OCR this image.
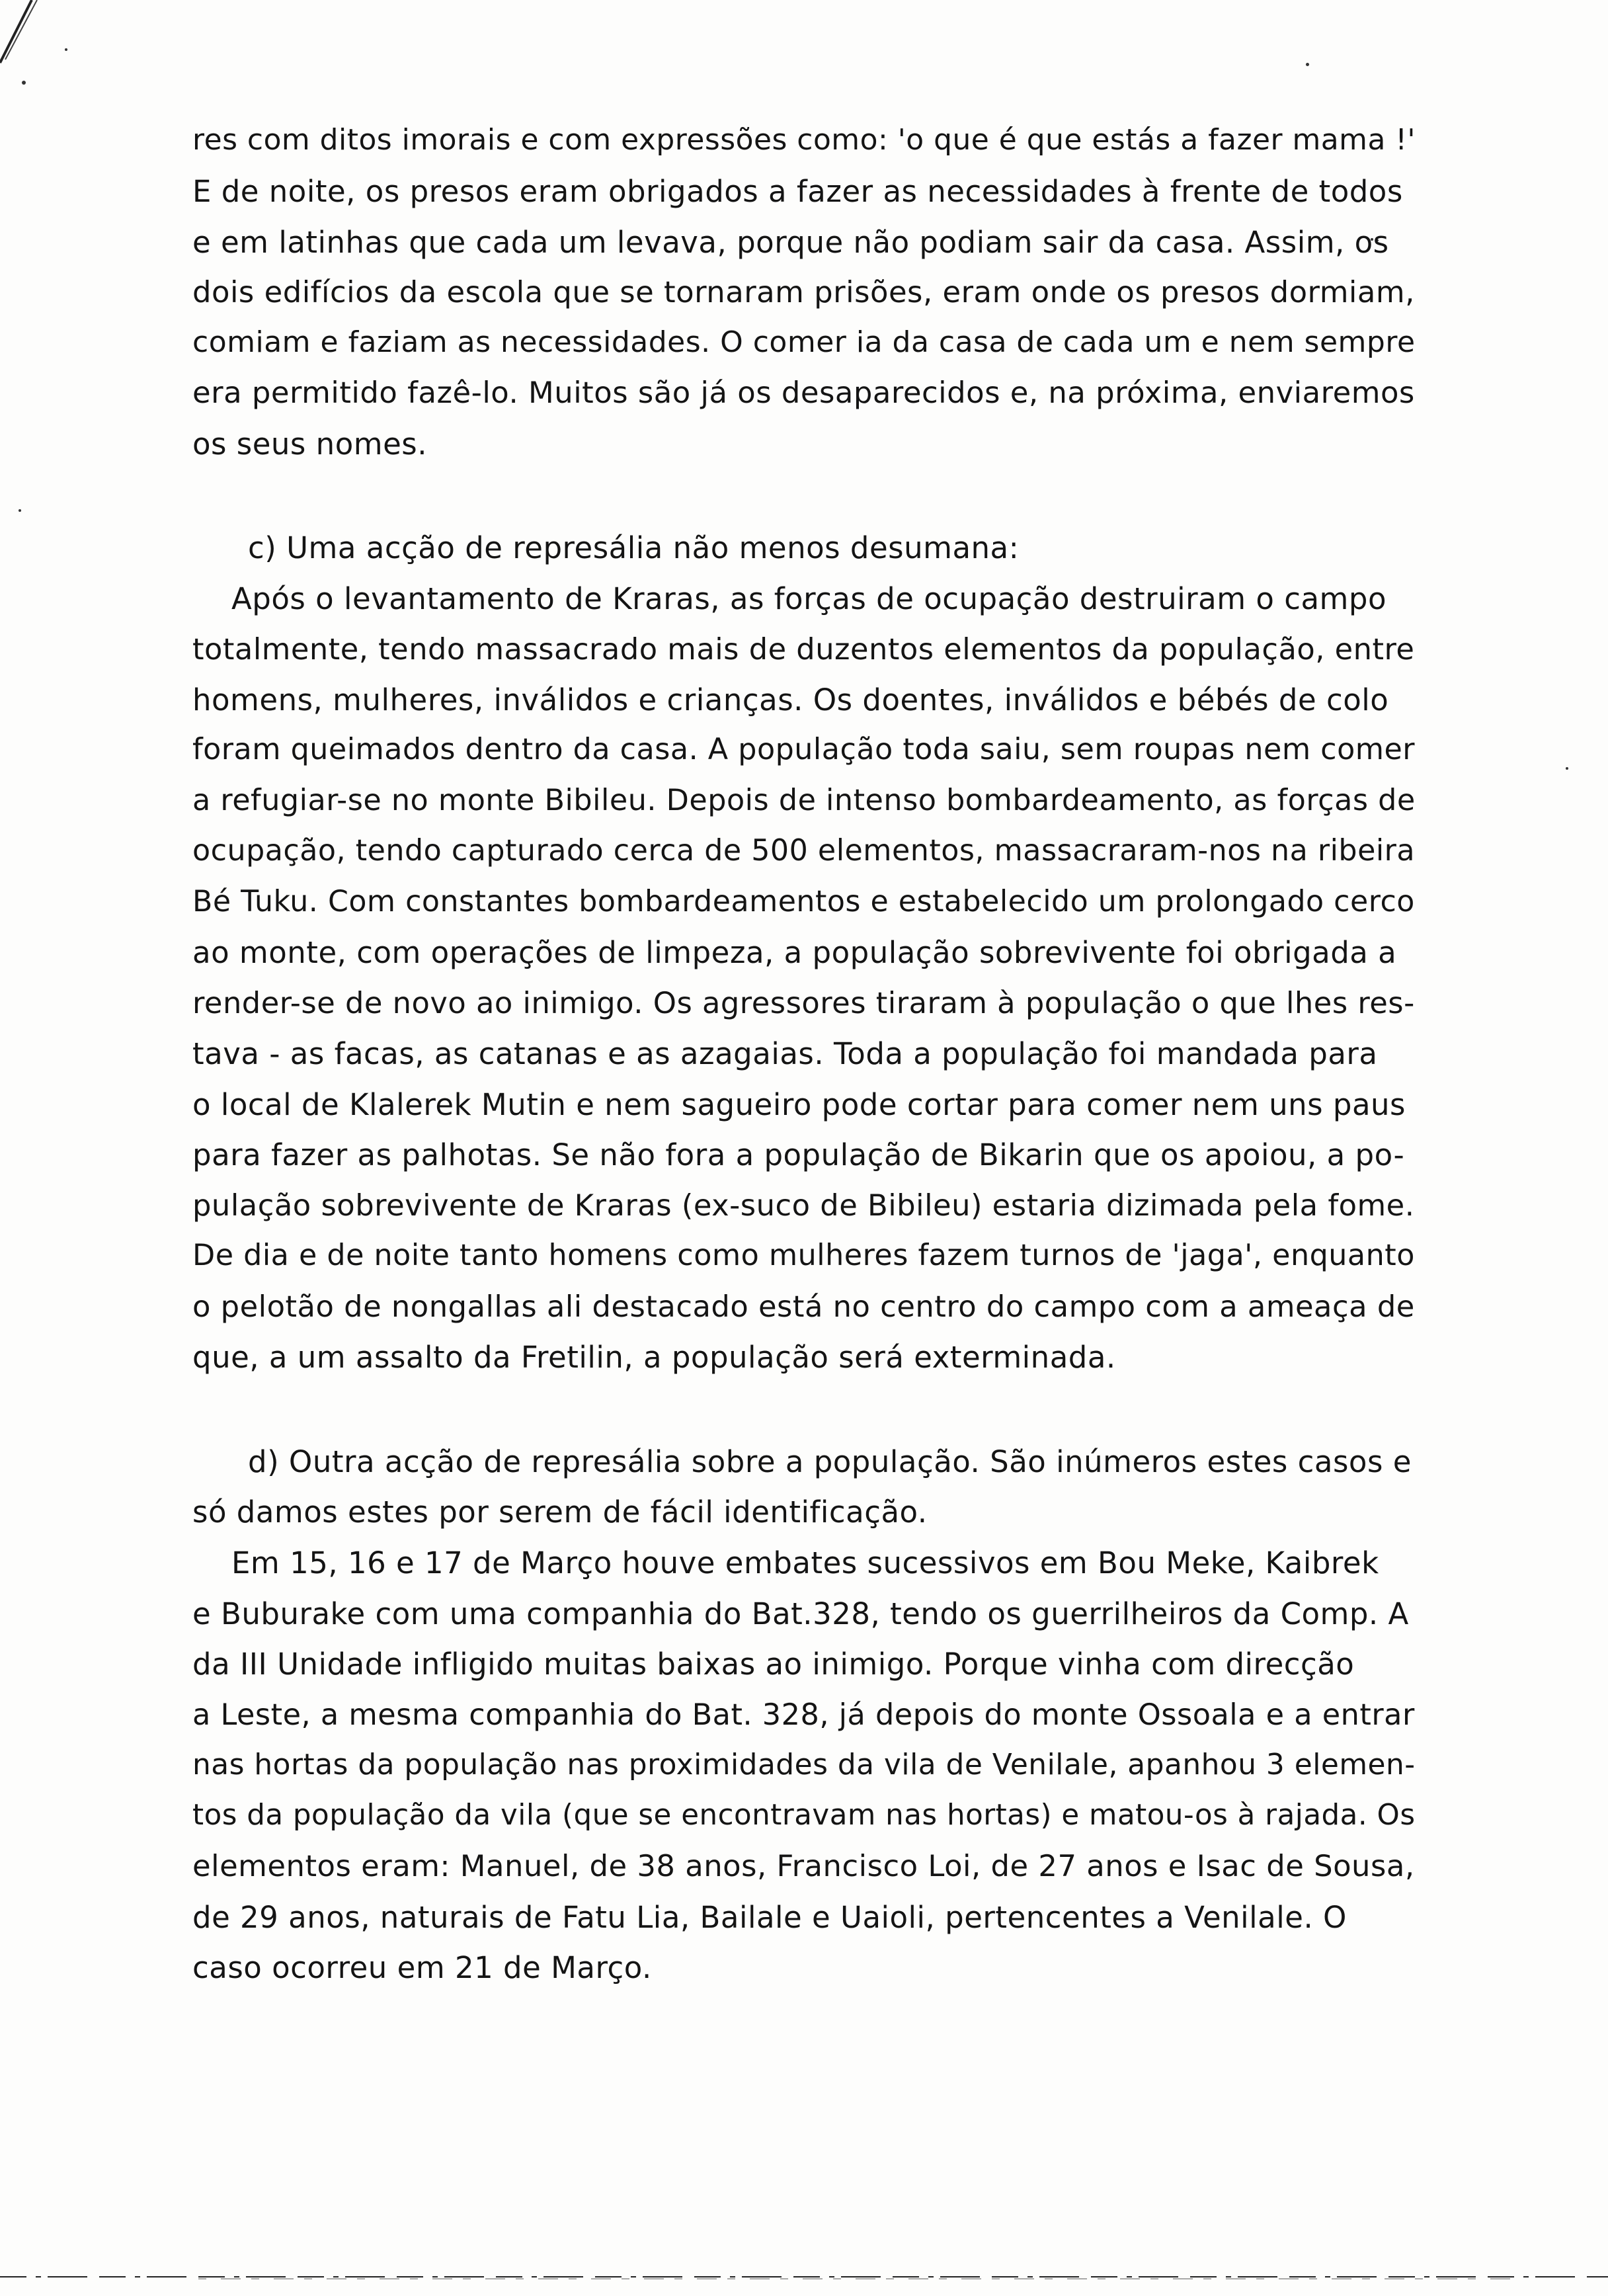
res com ditos imorais e com expressões como: 'o que é que estás a fazer mama !'
E de noite, os presos eram obrigados a fazer as necessidades à frente de todos
e em latinhas que cada um levava, porque não podiam sair da casa. Assim, os
dois edifícios da escola que se tornaram prisões, eram onde os presos dormiam,
comiam e faziam as necessidades. O comer ia da casa de cada um e nem sempre
era permitido fazê-lo. Muitos são já os desaparecidos e, na próxima, enviaremos
os seus nomes.
c) Uma acção de represália não menos desumana:
Após o levantamento de Kraras, as forças de ocupação destruiram o campo
totalmente, tendo massacrado mais de duzentos elementos da população, entre
homens, mulheres, inválidos e crianças. Os doentes, inválidos e bébés de colo
foram queimados dentro da casa. A população toda saiu, sem roupas nem comer
a refugiar-se no monte Bibileu. Depois de intenso bombardeamento, as forças de
ocupação, tendo capturado cerca de 500 elementos, massacraram-nos na ribeira
Bé Tuku. Com constantes bombardeamentos e estabelecido um prolongado cerco
ao monte, com operações de limpeza, a população sobrevivente foi obrigada a
render-se de novo ao inimigo. Os agressores tiraram à população o que lhes res-
tava - as facas, as catanas e as azagaias. Toda a população foi mandada para
o local de Klalerek Mutin e nem sagueiro pode cortar para comer nem uns paus
para fazer as palhotas. Se não fora a população de Bikarin que os apoiou, a po-
pulação sobrevivente de Kraras (ex-suco de Bibileu) estaria dizimada pela fome.
De dia e de noite tanto homens como mulheres fazem turnos de 'jaga', enquanto
o pelotão de nongallas ali destacado está no centro do campo com a ameaça de
que, a um assalto da Fretilin, a população será exterminada.
d) Outra acção de represália sobre a população. São inúmeros estes casos e
só damos estes por serem de fácil identificação.
Em 15, 16 e 17 de Março houve embates sucessivos em Bou Meke, Kaibrek
e Buburake com uma companhia do Bat.328, tendo os guerrilheiros da Comp. A
da III Unidade infligido muitas baixas ao inimigo. Porque vinha com direcção
a Leste, a mesma companhia do Bat. 328, já depois do monte Ossoala e a entrar
nas hortas da população nas proximidades da vila de Venilale, apanhou 3 elemen-
tos da população da vila (que se encontravam nas hortas) e matou-os à rajada. Os
elementos eram: Manuel, de 38 anos, Francisco Loi, de 27 anos e Isac de Sousa,
de 29 anos, naturais de Fatu Lia, Bailale e Uaioli, pertencentes a Venilale. O
caso ocorreu em 21 de Março.
